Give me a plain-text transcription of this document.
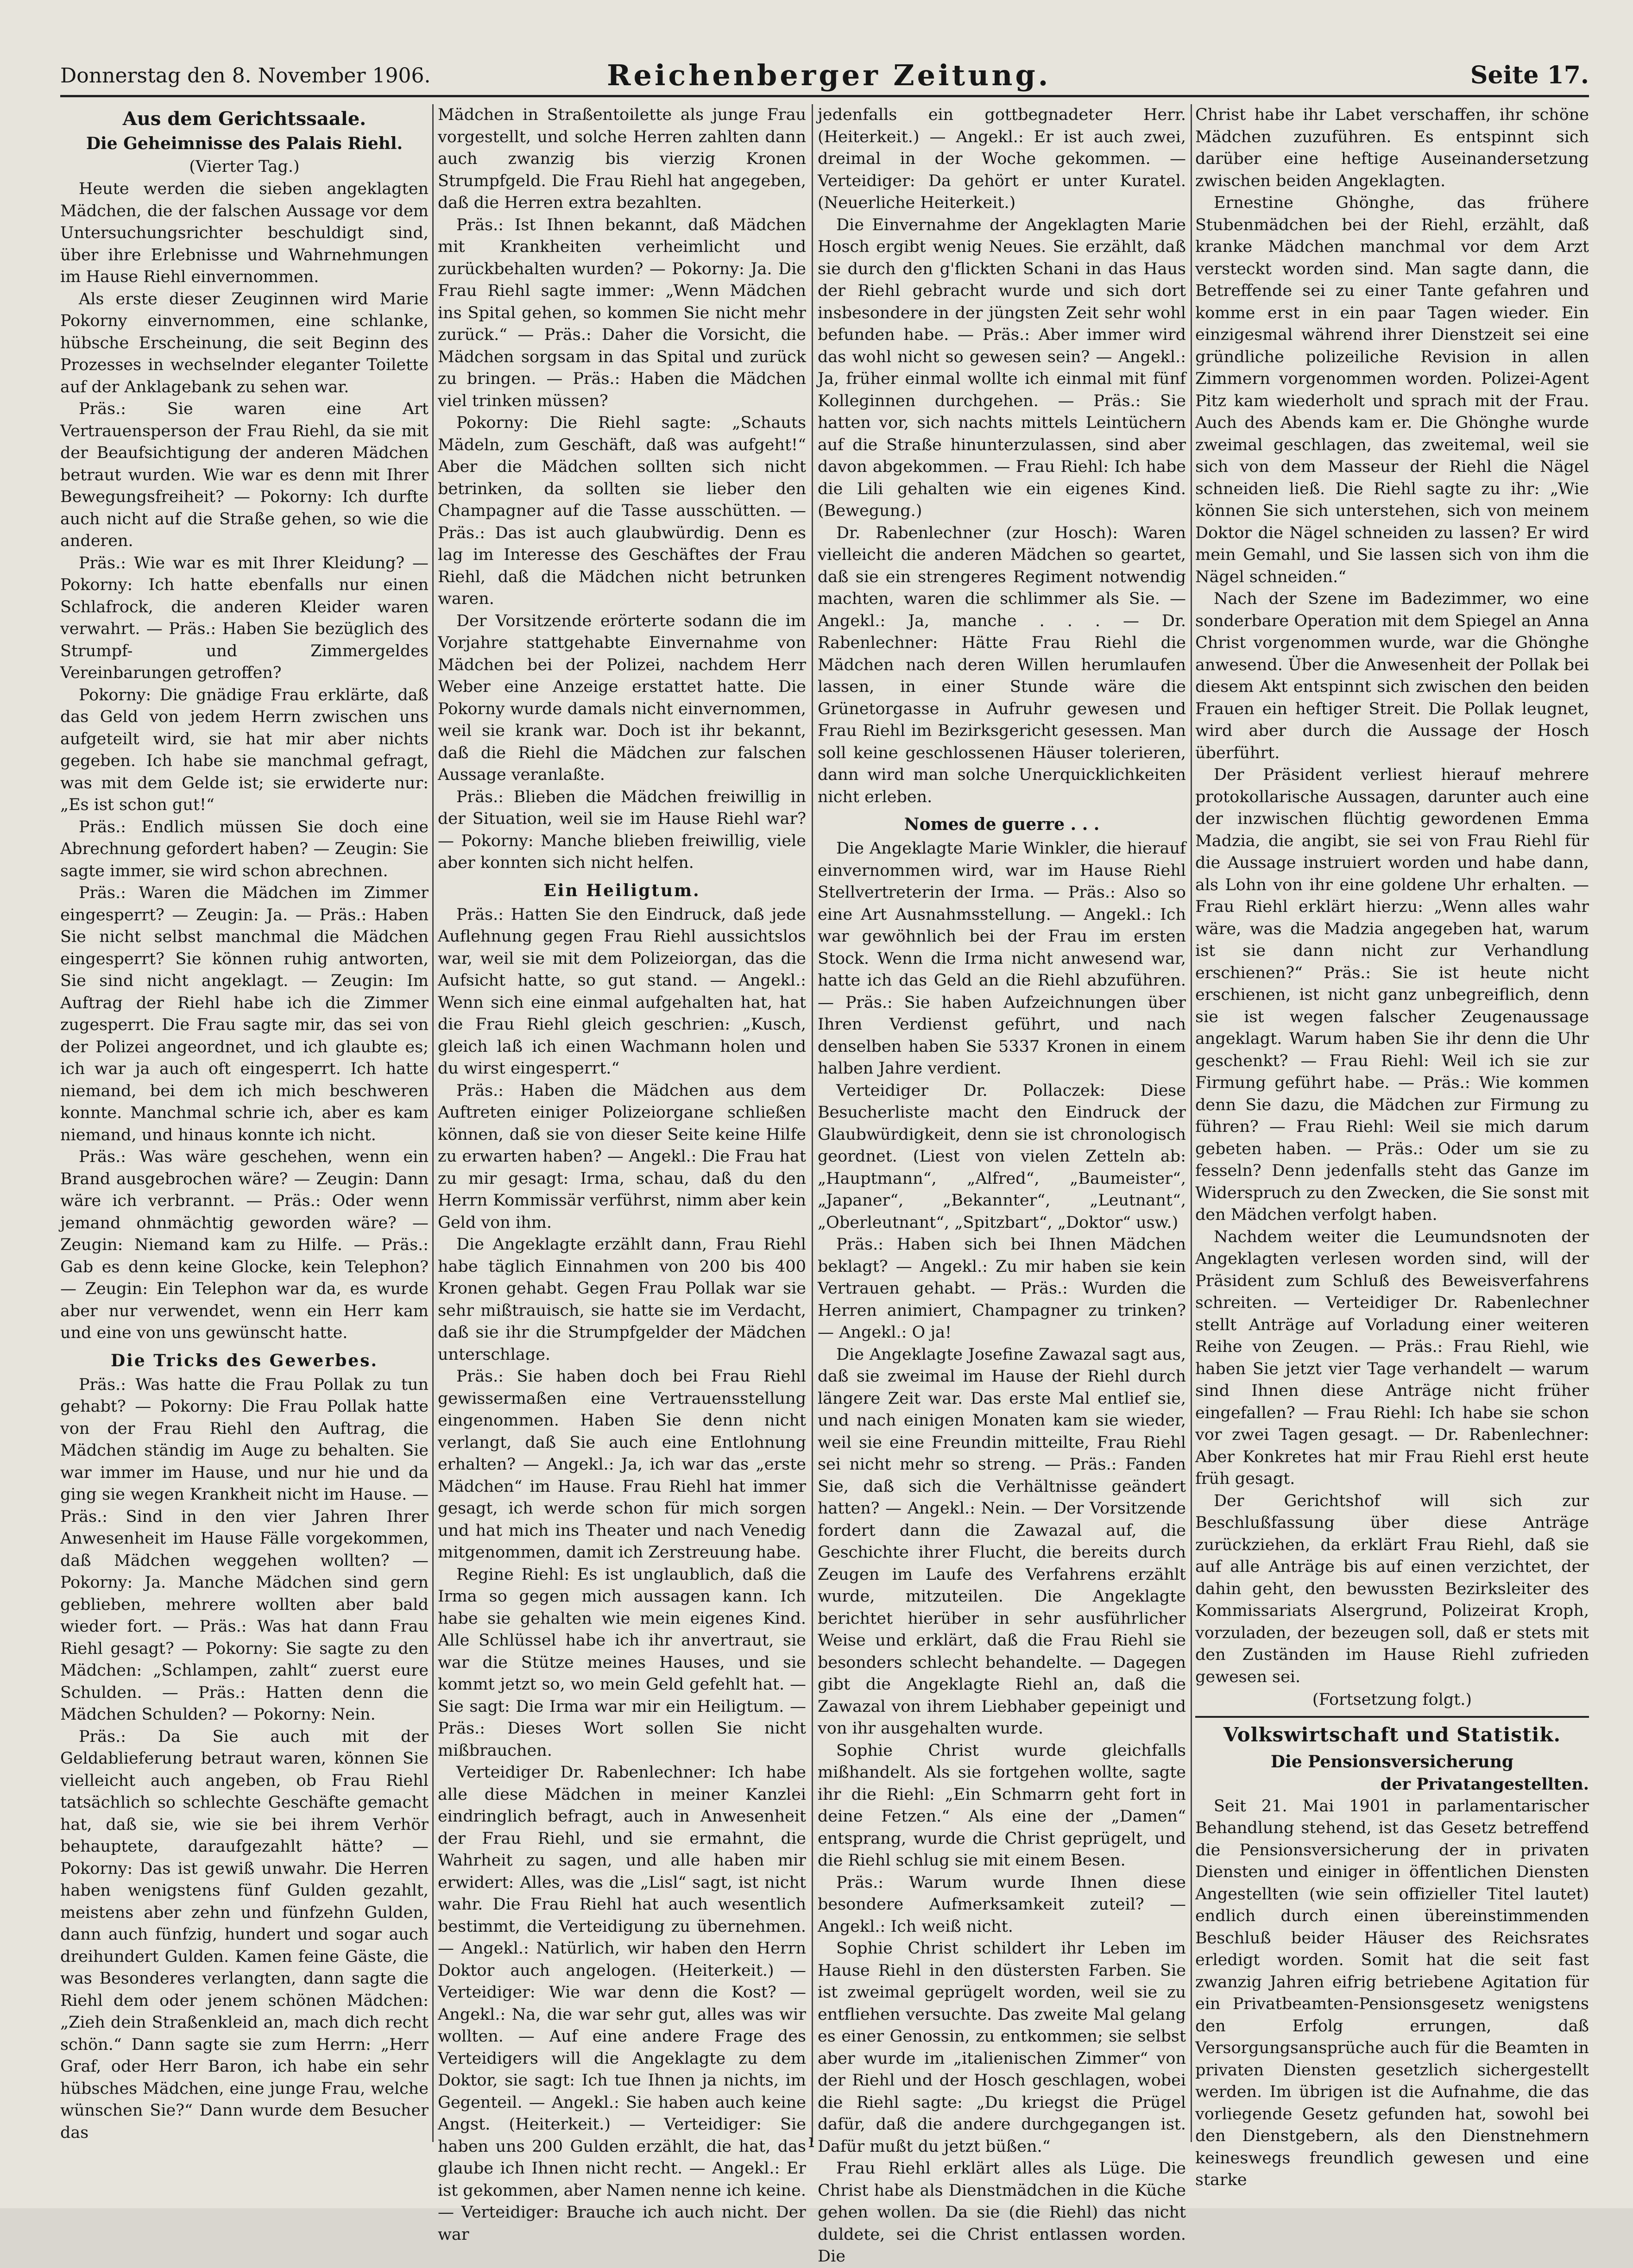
Donnerstag den 8. November 1906.	Reichenberger Zeitung.	Seite 17.
Aus dem Gerichtssaale.
Die Geheimnisse des Palais Riehl.
(Vierter Tag.)

Heute werden die sieben angeklagten Mädchen, die der falschen Aussage vor dem Untersuchungsrichter beschuldigt sind, über ihre Erlebnisse und Wahrnehmungen im Hause Riehl einvernommen.

Als erste dieser Zeuginnen wird Marie Pokorny einvernommen, eine schlanke, hübsche Erscheinung, die seit Beginn des Prozesses in wechselnder eleganter Toilette auf der Anklagebank zu sehen war.

Präs.: Sie waren eine Art Vertrauensperson der Frau Riehl, da sie mit der Beaufsichtigung der anderen Mädchen betraut wurden. Wie war es denn mit Ihrer Bewegungsfreiheit? — Pokorny: Ich durfte auch nicht auf die Straße gehen, so wie die anderen.

Präs.: Wie war es mit Ihrer Kleidung? — Pokorny: Ich hatte ebenfalls nur einen Schlafrock, die anderen Kleider waren verwahrt. — Präs.: Haben Sie bezüglich des Strumpf- und Zimmergeldes Vereinbarungen getroffen?

Pokorny: Die gnädige Frau erklärte, daß das Geld von jedem Herrn zwischen uns aufgeteilt wird, sie hat mir aber nichts gegeben. Ich habe sie manchmal gefragt, was mit dem Gelde ist; sie erwiderte nur: „Es ist schon gut!“

Präs.: Endlich müssen Sie doch eine Abrechnung gefordert haben? — Zeugin: Sie sagte immer, sie wird schon abrechnen.

Präs.: Waren die Mädchen im Zimmer eingesperrt? — Zeugin: Ja. — Präs.: Haben Sie nicht selbst manchmal die Mädchen eingesperrt? Sie können ruhig antworten, Sie sind nicht angeklagt. — Zeugin: Im Auftrag der Riehl habe ich die Zimmer zugesperrt. Die Frau sagte mir, das sei von der Polizei angeordnet, und ich glaubte es; ich war ja auch oft eingesperrt. Ich hatte niemand, bei dem ich mich beschweren konnte. Manchmal schrie ich, aber es kam niemand, und hinaus konnte ich nicht.

Präs.: Was wäre geschehen, wenn ein Brand ausgebrochen wäre? — Zeugin: Dann wäre ich verbrannt. — Präs.: Oder wenn jemand ohnmächtig geworden wäre? — Zeugin: Niemand kam zu Hilfe. — Präs.: Gab es denn keine Glocke, kein Telephon? — Zeugin: Ein Telephon war da, es wurde aber nur verwendet, wenn ein Herr kam und eine von uns gewünscht hatte.

Die Tricks des Gewerbes.

Präs.: Was hatte die Frau Pollak zu tun gehabt? — Pokorny: Die Frau Pollak hatte von der Frau Riehl den Auftrag, die Mädchen ständig im Auge zu behalten. Sie war immer im Hause, und nur hie und da ging sie wegen Krankheit nicht im Hause. — Präs.: Sind in den vier Jahren Ihrer Anwesenheit im Hause Fälle vorgekommen, daß Mädchen weggehen wollten? — Pokorny: Ja. Manche Mädchen sind gern geblieben, mehrere wollten aber bald wieder fort. — Präs.: Was hat dann Frau Riehl gesagt? — Pokorny: Sie sagte zu den Mädchen: „Schlampen, zahlt“ zuerst eure Schulden. — Präs.: Hatten denn die Mädchen Schulden? — Pokorny: Nein.

Präs.: Da Sie auch mit der Geldablieferung betraut waren, können Sie vielleicht auch angeben, ob Frau Riehl tatsächlich so schlechte Geschäfte gemacht hat, daß sie, wie sie bei ihrem Verhör behauptete, daraufgezahlt hätte? — Pokorny: Das ist gewiß unwahr. Die Herren haben wenigstens fünf Gulden gezahlt, meistens aber zehn und fünfzehn Gulden, dann auch fünfzig, hundert und sogar auch dreihundert Gulden. Kamen feine Gäste, die was Besonderes verlangten, dann sagte die Riehl dem oder jenem schönen Mädchen: „Zieh dein Straßenkleid an, mach dich recht schön.“ Dann sagte sie zum Herrn: „Herr Graf, oder Herr Baron, ich habe ein sehr hübsches Mädchen, eine junge Frau, welche wünschen Sie?“ Dann wurde dem Besucher das

Mädchen in Straßentoilette als junge Frau vorgestellt, und solche Herren zahlten dann auch zwanzig bis vierzig Kronen Strumpfgeld. Die Frau Riehl hat angegeben, daß die Herren extra bezahlten.

Präs.: Ist Ihnen bekannt, daß Mädchen mit Krankheiten verheimlicht und zurückbehalten wurden? — Pokorny: Ja. Die Frau Riehl sagte immer: „Wenn Mädchen ins Spital gehen, so kommen Sie nicht mehr zurück.“ — Präs.: Daher die Vorsicht, die Mädchen sorgsam in das Spital und zurück zu bringen. — Präs.: Haben die Mädchen viel trinken müssen?

Pokorny: Die Riehl sagte: „Schauts Mädeln, zum Geschäft, daß was aufgeht!“ Aber die Mädchen sollten sich nicht betrinken, da sollten sie lieber den Champagner auf die Tasse ausschütten. — Präs.: Das ist auch glaubwürdig. Denn es lag im Interesse des Geschäftes der Frau Riehl, daß die Mädchen nicht betrunken waren.

Der Vorsitzende erörterte sodann die im Vorjahre stattgehabte Einvernahme von Mädchen bei der Polizei, nachdem Herr Weber eine Anzeige erstattet hatte. Die Pokorny wurde damals nicht einvernommen, weil sie krank war. Doch ist ihr bekannt, daß die Riehl die Mädchen zur falschen Aussage veranlaßte.

Präs.: Blieben die Mädchen freiwillig in der Situation, weil sie im Hause Riehl war? — Pokorny: Manche blieben freiwillig, viele aber konnten sich nicht helfen.

Ein Heiligtum.

Präs.: Hatten Sie den Eindruck, daß jede Auflehnung gegen Frau Riehl aussichtslos war, weil sie mit dem Polizeiorgan, das die Aufsicht hatte, so gut stand. — Angekl.: Wenn sich eine einmal aufgehalten hat, hat die Frau Riehl gleich geschrien: „Kusch, gleich laß ich einen Wachmann holen und du wirst eingesperrt.“

Präs.: Haben die Mädchen aus dem Auftreten einiger Polizeiorgane schließen können, daß sie von dieser Seite keine Hilfe zu erwarten haben? — Angekl.: Die Frau hat zu mir gesagt: Irma, schau, daß du den Herrn Kommissär verführst, nimm aber kein Geld von ihm.

Die Angeklagte erzählt dann, Frau Riehl habe täglich Einnahmen von 200 bis 400 Kronen gehabt. Gegen Frau Pollak war sie sehr mißtrauisch, sie hatte sie im Verdacht, daß sie ihr die Strumpfgelder der Mädchen unterschlage.

Präs.: Sie haben doch bei Frau Riehl gewissermaßen eine Vertrauensstellung eingenommen. Haben Sie denn nicht verlangt, daß Sie auch eine Entlohnung erhalten? — Angekl.: Ja, ich war das „erste Mädchen“ im Hause. Frau Riehl hat immer gesagt, ich werde schon für mich sorgen und hat mich ins Theater und nach Venedig mitgenommen, damit ich Zerstreuung habe.

Regine Riehl: Es ist unglaublich, daß die Irma so gegen mich aussagen kann. Ich habe sie gehalten wie mein eigenes Kind. Alle Schlüssel habe ich ihr anvertraut, sie war die Stütze meines Hauses, und sie kommt jetzt so, wo mein Geld gefehlt hat. — Sie sagt: Die Irma war mir ein Heiligtum. — Präs.: Dieses Wort sollen Sie nicht mißbrauchen.

Verteidiger Dr. Rabenlechner: Ich habe alle diese Mädchen in meiner Kanzlei eindringlich befragt, auch in Anwesenheit der Frau Riehl, und sie ermahnt, die Wahrheit zu sagen, und alle haben mir erwidert: Alles, was die „Lisl“ sagt, ist nicht wahr. Die Frau Riehl hat auch wesentlich bestimmt, die Verteidigung zu übernehmen. — Angekl.: Natürlich, wir haben den Herrn Doktor auch angelogen. (Heiterkeit.) — Verteidiger: Wie war denn die Kost? — Angekl.: Na, die war sehr gut, alles was wir wollten. — Auf eine andere Frage des Verteidigers will die Angeklagte zu dem Doktor, sie sagt: Ich tue Ihnen ja nichts, im Gegenteil. — Angekl.: Sie haben auch keine Angst. (Heiterkeit.) — Verteidiger: Sie haben uns 200 Gulden erzählt, die hat, das glaube ich Ihnen nicht recht. — Angekl.: Er ist gekommen, aber Namen nenne ich keine. — Verteidiger: Brauche ich auch nicht. Der war

jedenfalls ein gottbegnadeter Herr. (Heiterkeit.) — Angekl.: Er ist auch zwei, dreimal in der Woche gekommen. — Verteidiger: Da gehört er unter Kuratel. (Neuerliche Heiterkeit.)

Die Einvernahme der Angeklagten Marie Hosch ergibt wenig Neues. Sie erzählt, daß sie durch den g'flickten Schani in das Haus der Riehl gebracht wurde und sich dort insbesondere in der jüngsten Zeit sehr wohl befunden habe. — Präs.: Aber immer wird das wohl nicht so gewesen sein? — Angekl.: Ja, früher einmal wollte ich einmal mit fünf Kolleginnen durchgehen. — Präs.: Sie hatten vor, sich nachts mittels Leintüchern auf die Straße hinunterzulassen, sind aber davon abgekommen. — Frau Riehl: Ich habe die Lili gehalten wie ein eigenes Kind. (Bewegung.)

Dr. Rabenlechner (zur Hosch): Waren vielleicht die anderen Mädchen so geartet, daß sie ein strengeres Regiment notwendig machten, waren die schlimmer als Sie. — Angekl.: Ja, manche . . . — Dr. Rabenlechner: Hätte Frau Riehl die Mädchen nach deren Willen herumlaufen lassen, in einer Stunde wäre die Grünetorgasse in Aufruhr gewesen und Frau Riehl im Bezirksgericht gesessen. Man soll keine geschlossenen Häuser tolerieren, dann wird man solche Unerquicklichkeiten nicht erleben.

Nomes de guerre . . .

Die Angeklagte Marie Winkler, die hierauf einvernommen wird, war im Hause Riehl Stellvertreterin der Irma. — Präs.: Also so eine Art Ausnahmsstellung. — Angekl.: Ich war gewöhnlich bei der Frau im ersten Stock. Wenn die Irma nicht anwesend war, hatte ich das Geld an die Riehl abzuführen. — Präs.: Sie haben Aufzeichnungen über Ihren Verdienst geführt, und nach denselben haben Sie 5337 Kronen in einem halben Jahre verdient.

Verteidiger Dr. Pollaczek: Diese Besucherliste macht den Eindruck der Glaubwürdigkeit, denn sie ist chronologisch geordnet. (Liest von vielen Zetteln ab: „Hauptmann“, „Alfred“, „Baumeister“, „Japaner“, „Bekannter“, „Leutnant“, „Oberleutnant“, „Spitzbart“, „Doktor“ usw.)

Präs.: Haben sich bei Ihnen Mädchen beklagt? — Angekl.: Zu mir haben sie kein Vertrauen gehabt. — Präs.: Wurden die Herren animiert, Champagner zu trinken? — Angekl.: O ja!

Die Angeklagte Josefine Zawazal sagt aus, daß sie zweimal im Hause der Riehl durch längere Zeit war. Das erste Mal entlief sie, und nach einigen Monaten kam sie wieder, weil sie eine Freundin mitteilte, Frau Riehl sei nicht mehr so streng. — Präs.: Fanden Sie, daß sich die Verhältnisse geändert hatten? — Angekl.: Nein. — Der Vorsitzende fordert dann die Zawazal auf, die Geschichte ihrer Flucht, die bereits durch Zeugen im Laufe des Verfahrens erzählt wurde, mitzuteilen. Die Angeklagte berichtet hierüber in sehr ausführlicher Weise und erklärt, daß die Frau Riehl sie besonders schlecht behandelte. — Dagegen gibt die Angeklagte Riehl an, daß die Zawazal von ihrem Liebhaber gepeinigt und von ihr ausgehalten wurde.

Sophie Christ wurde gleichfalls mißhandelt. Als sie fortgehen wollte, sagte ihr die Riehl: „Ein Schmarrn geht fort in deine Fetzen.“ Als eine der „Damen“ entsprang, wurde die Christ geprügelt, und die Riehl schlug sie mit einem Besen.

Präs.: Warum wurde Ihnen diese besondere Aufmerksamkeit zuteil? — Angekl.: Ich weiß nicht.

Sophie Christ schildert ihr Leben im Hause Riehl in den düstersten Farben. Sie ist zweimal geprügelt worden, weil sie zu entfliehen versuchte. Das zweite Mal gelang es einer Genossin, zu entkommen; sie selbst aber wurde im „italienischen Zimmer“ von der Riehl und der Hosch geschlagen, wobei die Riehl sagte: „Du kriegst die Prügel dafür, daß die andere durchgegangen ist. Dafür mußt du jetzt büßen.“

Frau Riehl erklärt alles als Lüge. Die Christ habe als Dienstmädchen in die Küche gehen wollen. Da sie (die Riehl) das nicht duldete, sei die Christ entlassen worden. Die

Christ habe ihr Labet verschaffen, ihr schöne Mädchen zuzuführen. Es entspinnt sich darüber eine heftige Auseinandersetzung zwischen beiden Angeklagten.

Ernestine Ghönghe, das frühere Stubenmädchen bei der Riehl, erzählt, daß kranke Mädchen manchmal vor dem Arzt versteckt worden sind. Man sagte dann, die Betreffende sei zu einer Tante gefahren und komme erst in ein paar Tagen wieder. Ein einzigesmal während ihrer Dienstzeit sei eine gründliche polizeiliche Revision in allen Zimmern vorgenommen worden. Polizei-Agent Pitz kam wiederholt und sprach mit der Frau. Auch des Abends kam er. Die Ghönghe wurde zweimal geschlagen, das zweitemal, weil sie sich von dem Masseur der Riehl die Nägel schneiden ließ. Die Riehl sagte zu ihr: „Wie können Sie sich unterstehen, sich von meinem Doktor die Nägel schneiden zu lassen? Er wird mein Gemahl, und Sie lassen sich von ihm die Nägel schneiden.“

Nach der Szene im Badezimmer, wo eine sonderbare Operation mit dem Spiegel an Anna Christ vorgenommen wurde, war die Ghönghe anwesend. Über die Anwesenheit der Pollak bei diesem Akt entspinnt sich zwischen den beiden Frauen ein heftiger Streit. Die Pollak leugnet, wird aber durch die Aussage der Hosch überführt.

Der Präsident verliest hierauf mehrere protokollarische Aussagen, darunter auch eine der inzwischen flüchtig gewordenen Emma Madzia, die angibt, sie sei von Frau Riehl für die Aussage instruiert worden und habe dann, als Lohn von ihr eine goldene Uhr erhalten. — Frau Riehl erklärt hierzu: „Wenn alles wahr wäre, was die Madzia angegeben hat, warum ist sie dann nicht zur Verhandlung erschienen?“ Präs.: Sie ist heute nicht erschienen, ist nicht ganz unbegreiflich, denn sie ist wegen falscher Zeugenaussage angeklagt. Warum haben Sie ihr denn die Uhr geschenkt? — Frau Riehl: Weil ich sie zur Firmung geführt habe. — Präs.: Wie kommen denn Sie dazu, die Mädchen zur Firmung zu führen? — Frau Riehl: Weil sie mich darum gebeten haben. — Präs.: Oder um sie zu fesseln? Denn jedenfalls steht das Ganze im Widerspruch zu den Zwecken, die Sie sonst mit den Mädchen verfolgt haben.

Nachdem weiter die Leumundsnoten der Angeklagten verlesen worden sind, will der Präsident zum Schluß des Beweisverfahrens schreiten. — Verteidiger Dr. Rabenlechner stellt Anträge auf Vorladung einer weiteren Reihe von Zeugen. — Präs.: Frau Riehl, wie haben Sie jetzt vier Tage verhandelt — warum sind Ihnen diese Anträge nicht früher eingefallen? — Frau Riehl: Ich habe sie schon vor zwei Tagen gesagt. — Dr. Rabenlechner: Aber Konkretes hat mir Frau Riehl erst heute früh gesagt.

Der Gerichtshof will sich zur Beschlußfassung über diese Anträge zurückziehen, da erklärt Frau Riehl, daß sie auf alle Anträge bis auf einen verzichtet, der dahin geht, den bewussten Bezirksleiter des Kommissariats Alsergrund, Polizeirat Kroph, vorzuladen, der bezeugen soll, daß er stets mit den Zuständen im Hause Riehl zufrieden gewesen sei.

(Fortsetzung folgt.)
Volkswirtschaft und Statistik.
Die Pensionsversicherung
der Privatangestellten.

Seit 21. Mai 1901 in parlamentarischer Behandlung stehend, ist das Gesetz betreffend die Pensionsversicherung der in privaten Diensten und einiger in öffentlichen Diensten Angestellten (wie sein offizieller Titel lautet) endlich durch einen übereinstimmenden Beschluß beider Häuser des Reichsrates erledigt worden. Somit hat die seit fast zwanzig Jahren eifrig betriebene Agitation für ein Privatbeamten-Pensionsgesetz wenigstens den Erfolg errungen, daß Versorgungsansprüche auch für die Beamten in privaten Diensten gesetzlich sichergestellt werden. Im übrigen ist die Aufnahme, die das vorliegende Gesetz gefunden hat, sowohl bei den Dienstgebern, als den Dienstnehmern keineswegs freundlich gewesen und eine starke

ı
